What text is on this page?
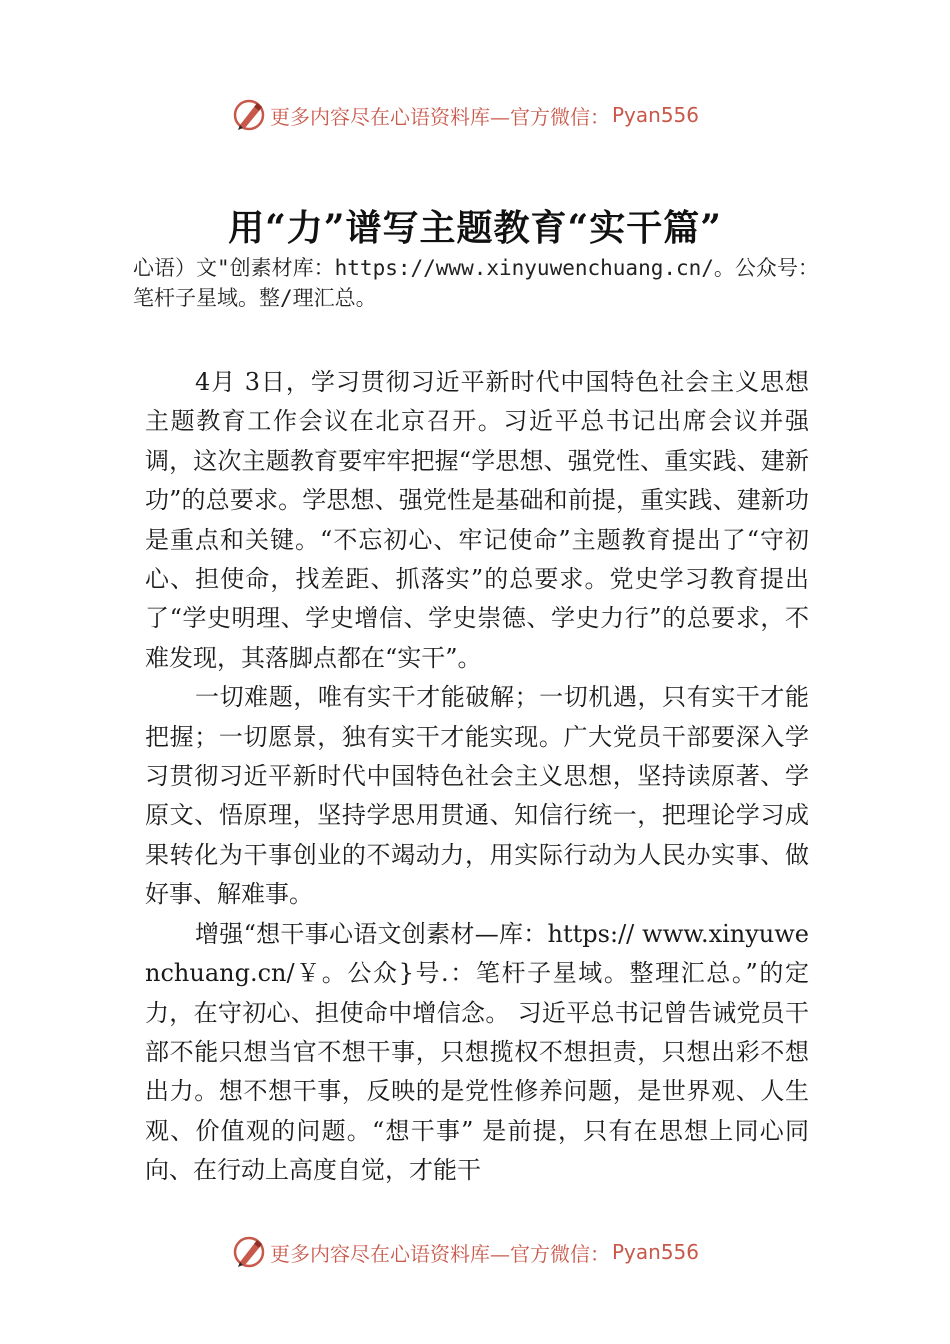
更多内容尽在心语资料库—官方微信： Pyan556
用“力”谱写主题教育“实干篇”

心语）文"创素材库：https://www.xinyuwenchuang.cn/。公众号：笔杆子星域。整/理汇总。

4月 3日，学习贯彻习近平新时代中国特色社会主义思想主题教育工作会议在北京召开。习近平总书记出席会议并强调，这次主题教育要牢牢把握“学思想、强党性、重实践、建新功”的总要求。学思想、强党性是基础和前提，重实践、建新功是重点和关键。“不忘初心、牢记使命”主题教育提出了“守初心、担使命，找差距、抓落实”的总要求。党史学习教育提出了“学史明理、学史增信、学史崇德、学史力行”的总要求，不难发现，其落脚点都在“实干”。

一切难题，唯有实干才能破解；一切机遇，只有实干才能把握；一切愿景，独有实干才能实现。广大党员干部要深入学习贯彻习近平新时代中国特色社会主义思想，坚持读原著、学原文、悟原理，坚持学思用贯通、知信行统一，把理论学习成果转化为干事创业的不竭动力，用实际行动为人民办实事、做好事、解难事。

增强“想干事心语文创素材—库：https:// www.xinyuwenchuang.cn/￥。公众}号.：笔杆子星域。整理汇总。”的定力，在守初心、担使命中增信念。 习近平总书记曾告诫党员干部不能只想当官不想干事，只想揽权不想担责，只想出彩不想出力。想不想干事，反映的是党性修养问题，是世界观、人生观、价值观的问题。“想干事” 是前提，只有在思想上同心同向、在行动上高度自觉，才能干

更多内容尽在心语资料库—官方微信： Pyan556
